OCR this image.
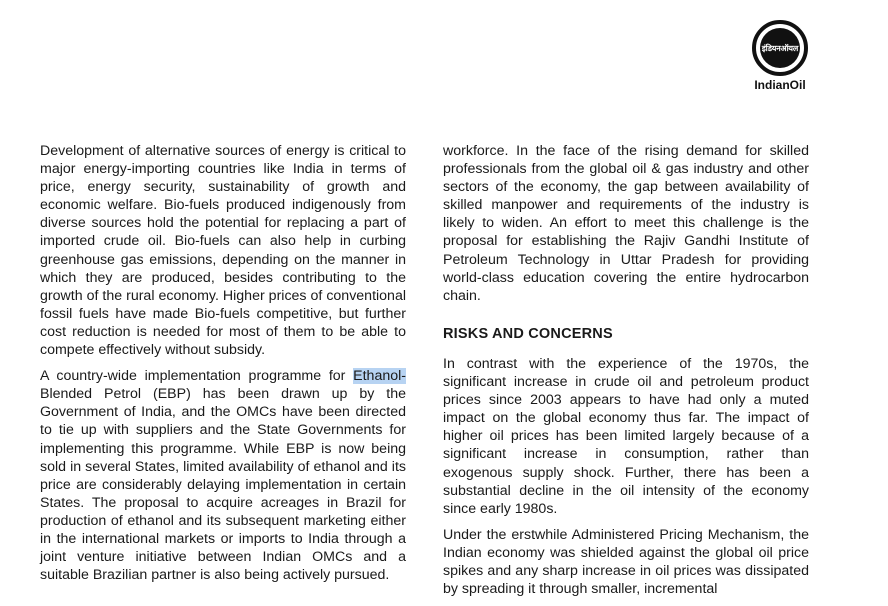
इंडियनऑयल
IndianOil

Development of alternative sources of energy is critical to major energy-importing countries like India in terms of price, energy security, sustainability of growth and economic welfare. Bio-fuels produced indigenously from diverse sources hold the potential for replacing a part of imported crude oil. Bio-fuels can also help in curbing greenhouse gas emissions, depending on the manner in which they are produced, besides contributing to the growth of the rural economy. Higher prices of conventional fossil fuels have made Bio-fuels competitive, but further cost reduction is needed for most of them to be able to compete effectively without subsidy.

A country-wide implementation programme for Ethanol-Blended Petrol (EBP) has been drawn up by the Government of India, and the OMCs have been directed to tie up with suppliers and the State Governments for implementing this programme. While EBP is now being sold in several States, limited availability of ethanol and its price are considerably delaying implementation in certain States. The proposal to acquire acreages in Brazil for production of ethanol and its subsequent marketing either in the international markets or imports to India through a joint venture initiative between Indian OMCs and a suitable Brazilian partner is also being actively pursued.

workforce. In the face of the rising demand for skilled professionals from the global oil & gas industry and other sectors of the economy, the gap between availability of skilled manpower and requirements of the industry is likely to widen. An effort to meet this challenge is the proposal for establishing the Rajiv Gandhi Institute of Petroleum Technology in Uttar Pradesh for providing world-class education covering the entire hydrocarbon chain.

RISKS AND CONCERNS

In contrast with the experience of the 1970s, the significant increase in crude oil and petroleum product prices since 2003 appears to have had only a muted impact on the global economy thus far. The impact of higher oil prices has been limited largely because of a significant increase in consumption, rather than exogenous supply shock. Further, there has been a substantial decline in the oil intensity of the economy since early 1980s.

Under the erstwhile Administered Pricing Mechanism, the Indian economy was shielded against the global oil price spikes and any sharp increase in oil prices was dissipated by spreading it through smaller, incremental
